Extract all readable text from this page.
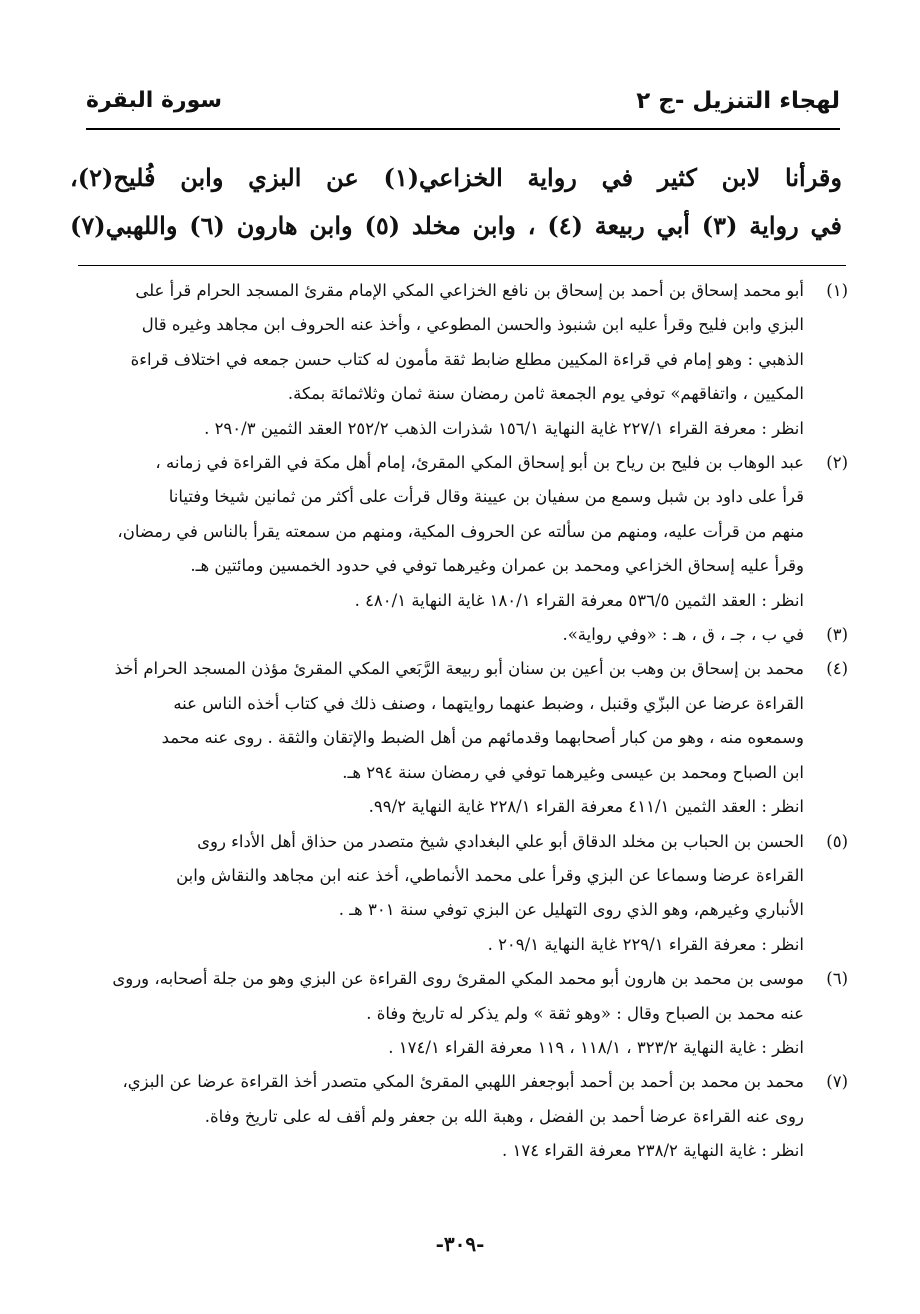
لهجاء التنزيل -ج ٢
سورة البقرة

وقرأنا لابن كثير في رواية الخزاعي(١) عن البزي وابن فُليح(٢)،

في رواية (٣) أبي ربيعة (٤) ، وابن مخلد (٥) وابن هارون (٦) واللهبي(٧)

(١)
أبو محمد إسحاق بن أحمد بن إسحاق بن نافع الخزاعي المكي الإمام مقرئ المسجد الحرام قرأ على
البزي وابن فليح وقرأ عليه ابن شنبوذ والحسن المطوعي ، وأخذ عنه الحروف ابن مجاهد وغيره قال
الذهبي : وهو إمام في قراءة المكيين مطلع ضابط ثقة مأمون له كتاب حسن جمعه في اختلاف قراءة
المكيين ، واتفاقهم» توفي يوم الجمعة ثامن رمضان سنة ثمان وثلاثمائة بمكة.
انظر : معرفة القراء ٢٢٧/١ غاية النهاية ١٥٦/١ شذرات الذهب ٢٥٢/٢ العقد الثمين ٢٩٠/٣ .
(٢)
عبد الوهاب بن فليح بن رياح بن أبو إسحاق المكي المقرئ، إمام أهل مكة في القراءة في زمانه ،
قرأ على داود بن شبل وسمع من سفيان بن عيينة وقال قرأت على أكثر من ثمانين شيخا وفتيانا
منهم من قرأت عليه، ومنهم من سألته عن الحروف المكية، ومنهم من سمعته يقرأ بالناس في رمضان،
وقرأ عليه إسحاق الخزاعي ومحمد بن عمران وغيرهما توفي في حدود الخمسين ومائتين هـ.
انظر : العقد الثمين ٥٣٦/٥ معرفة القراء ١٨٠/١ غاية النهاية ٤٨٠/١ .
(٣)
في ب ، جـ ، ق ، هـ : «وفي رواية».
(٤)
محمد بن إسحاق بن وهب بن أعين بن سنان أبو ربيعة الرَّبَعي المكي المقرئ مؤذن المسجد الحرام أخذ
القراءة عرضا عن البزّي وقنبل ، وضبط عنهما روايتهما ، وصنف ذلك في كتاب أخذه الناس عنه
وسمعوه منه ، وهو من كبار أصحابهما وقدمائهم من أهل الضبط والإتقان والثقة . روى عنه محمد
ابن الصباح ومحمد بن عيسى وغيرهما توفي في رمضان سنة ٢٩٤ هـ.
انظر : العقد الثمين ٤١١/١ معرفة القراء ٢٢٨/١ غاية النهاية ٩٩/٢.
(٥)
الحسن بن الحباب بن مخلد الدقاق أبو علي البغدادي شيخ متصدر من حذاق أهل الأداء روى
القراءة عرضا وسماعا عن البزي وقرأ على محمد الأنماطي، أخذ عنه ابن مجاهد والنقاش وابن
الأنباري وغيرهم، وهو الذي روى التهليل عن البزي توفي سنة ٣٠١ هـ .
انظر : معرفة القراء ٢٢٩/١ غاية النهاية ٢٠٩/١ .
(٦)
موسى بن محمد بن هارون أبو محمد المكي المقرئ روى القراءة عن البزي وهو من جلة أصحابه، وروى
عنه محمد بن الصباح وقال : «وهو ثقة » ولم يذكر له تاريخ وفاة .
انظر : غاية النهاية ٣٢٣/٢ ، ١١٨/١ ، ١١٩ معرفة القراء ١٧٤/١ .
(٧)
محمد بن محمد بن أحمد بن أحمد أبوجعفر اللهبي المقرئ المكي متصدر أخذ القراءة عرضا عن البزي،
روى عنه القراءة عرضا أحمد بن الفضل ، وهبة الله بن جعفر ولم أقف له على تاريخ وفاة.
انظر : غاية النهاية ٢٣٨/٢ معرفة القراء ١٧٤ .
-٣٠٩-
